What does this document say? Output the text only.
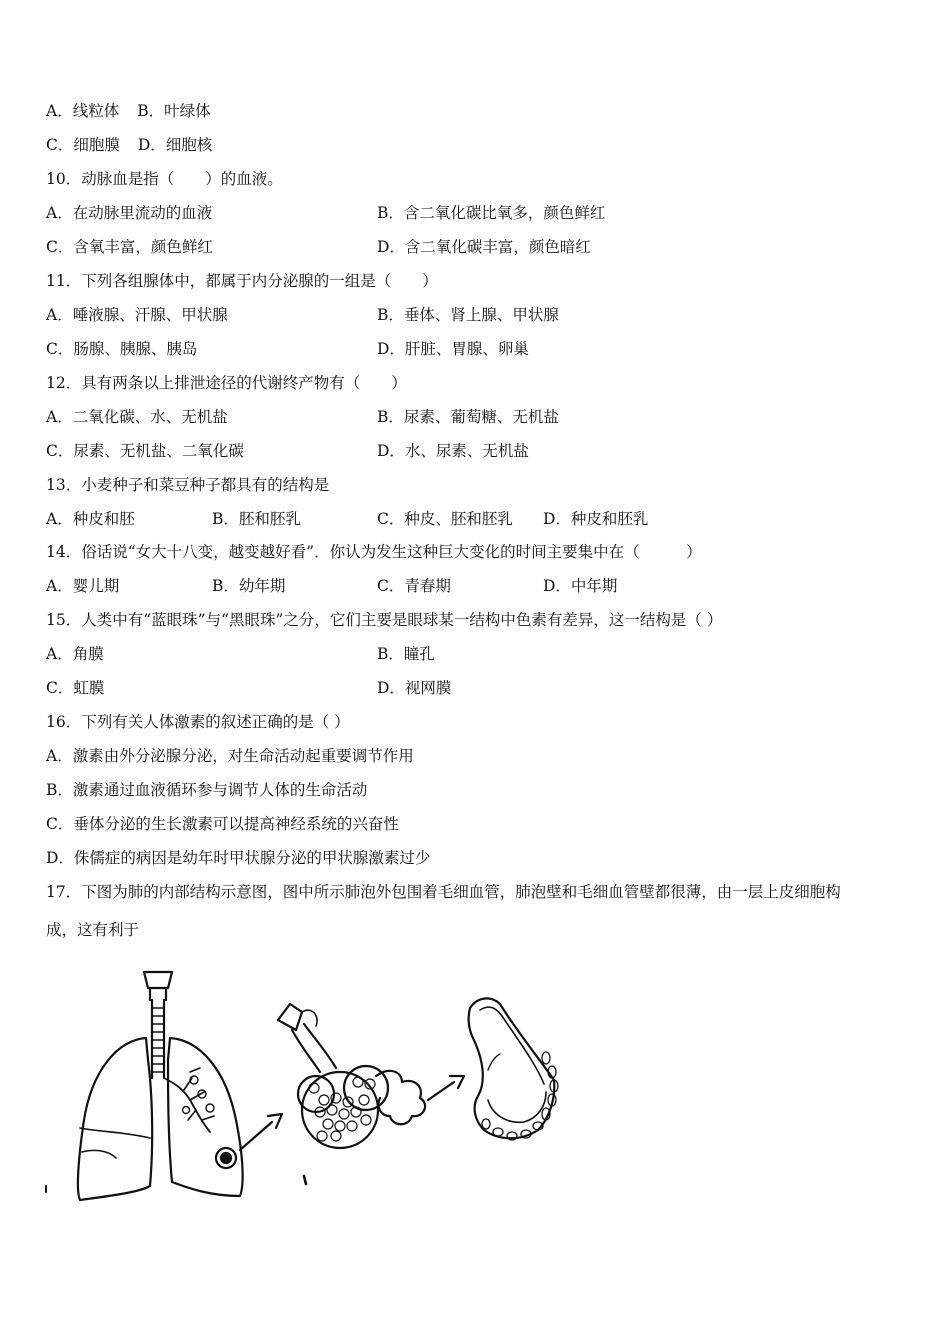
A．线粒体 B．叶绿体
C．细胞膜 D．细胞核
10．动脉血是指（　　）的血液。
A．在动脉里流动的血液	B．含二氧化碳比氧多，颜色鲜红
C．含氧丰富，颜色鲜红	D．含二氧化碳丰富，颜色暗红
11．下列各组腺体中，都属于内分泌腺的一组是（　　）
A．唾液腺、汗腺、甲状腺	B．垂体、肾上腺、甲状腺
C．肠腺、胰腺、胰岛	D．肝脏、胃腺、卵巢
12．具有两条以上排泄途径的代谢终产物有（　　）
A．二氧化碳、水、无机盐	B．尿素、葡萄糖、无机盐
C．尿素、无机盐、二氧化碳	D．水、尿素、无机盐
13．小麦种子和菜豆种子都具有的结构是
A．种皮和胚	B．胚和胚乳	C．种皮、胚和胚乳 D．种皮和胚乳
14．俗话说“女大十八变，越变越好看”．你认为发生这种巨大变化的时间主要集中在（　　　）
A．婴儿期	B．幼年期	C．青春期	D．中年期
15．人类中有“蓝眼珠”与“黑眼珠”之分，它们主要是眼球某一结构中色素有差异，这一结构是（ ）
A．角膜	B．瞳孔
C．虹膜	D．视网膜
16．下列有关人体激素的叙述正确的是（ ）
A．激素由外分泌腺分泌，对生命活动起重要调节作用
B．激素通过血液循环参与调节人体的生命活动
C．垂体分泌的生长激素可以提高神经系统的兴奋性
D．侏儒症的病因是幼年时甲状腺分泌的甲状腺激素过少
17．下图为肺的内部结构示意图，图中所示肺泡外包围着毛细血管，肺泡壁和毛细血管壁都很薄，由一层上皮细胞构
成，这有利于
